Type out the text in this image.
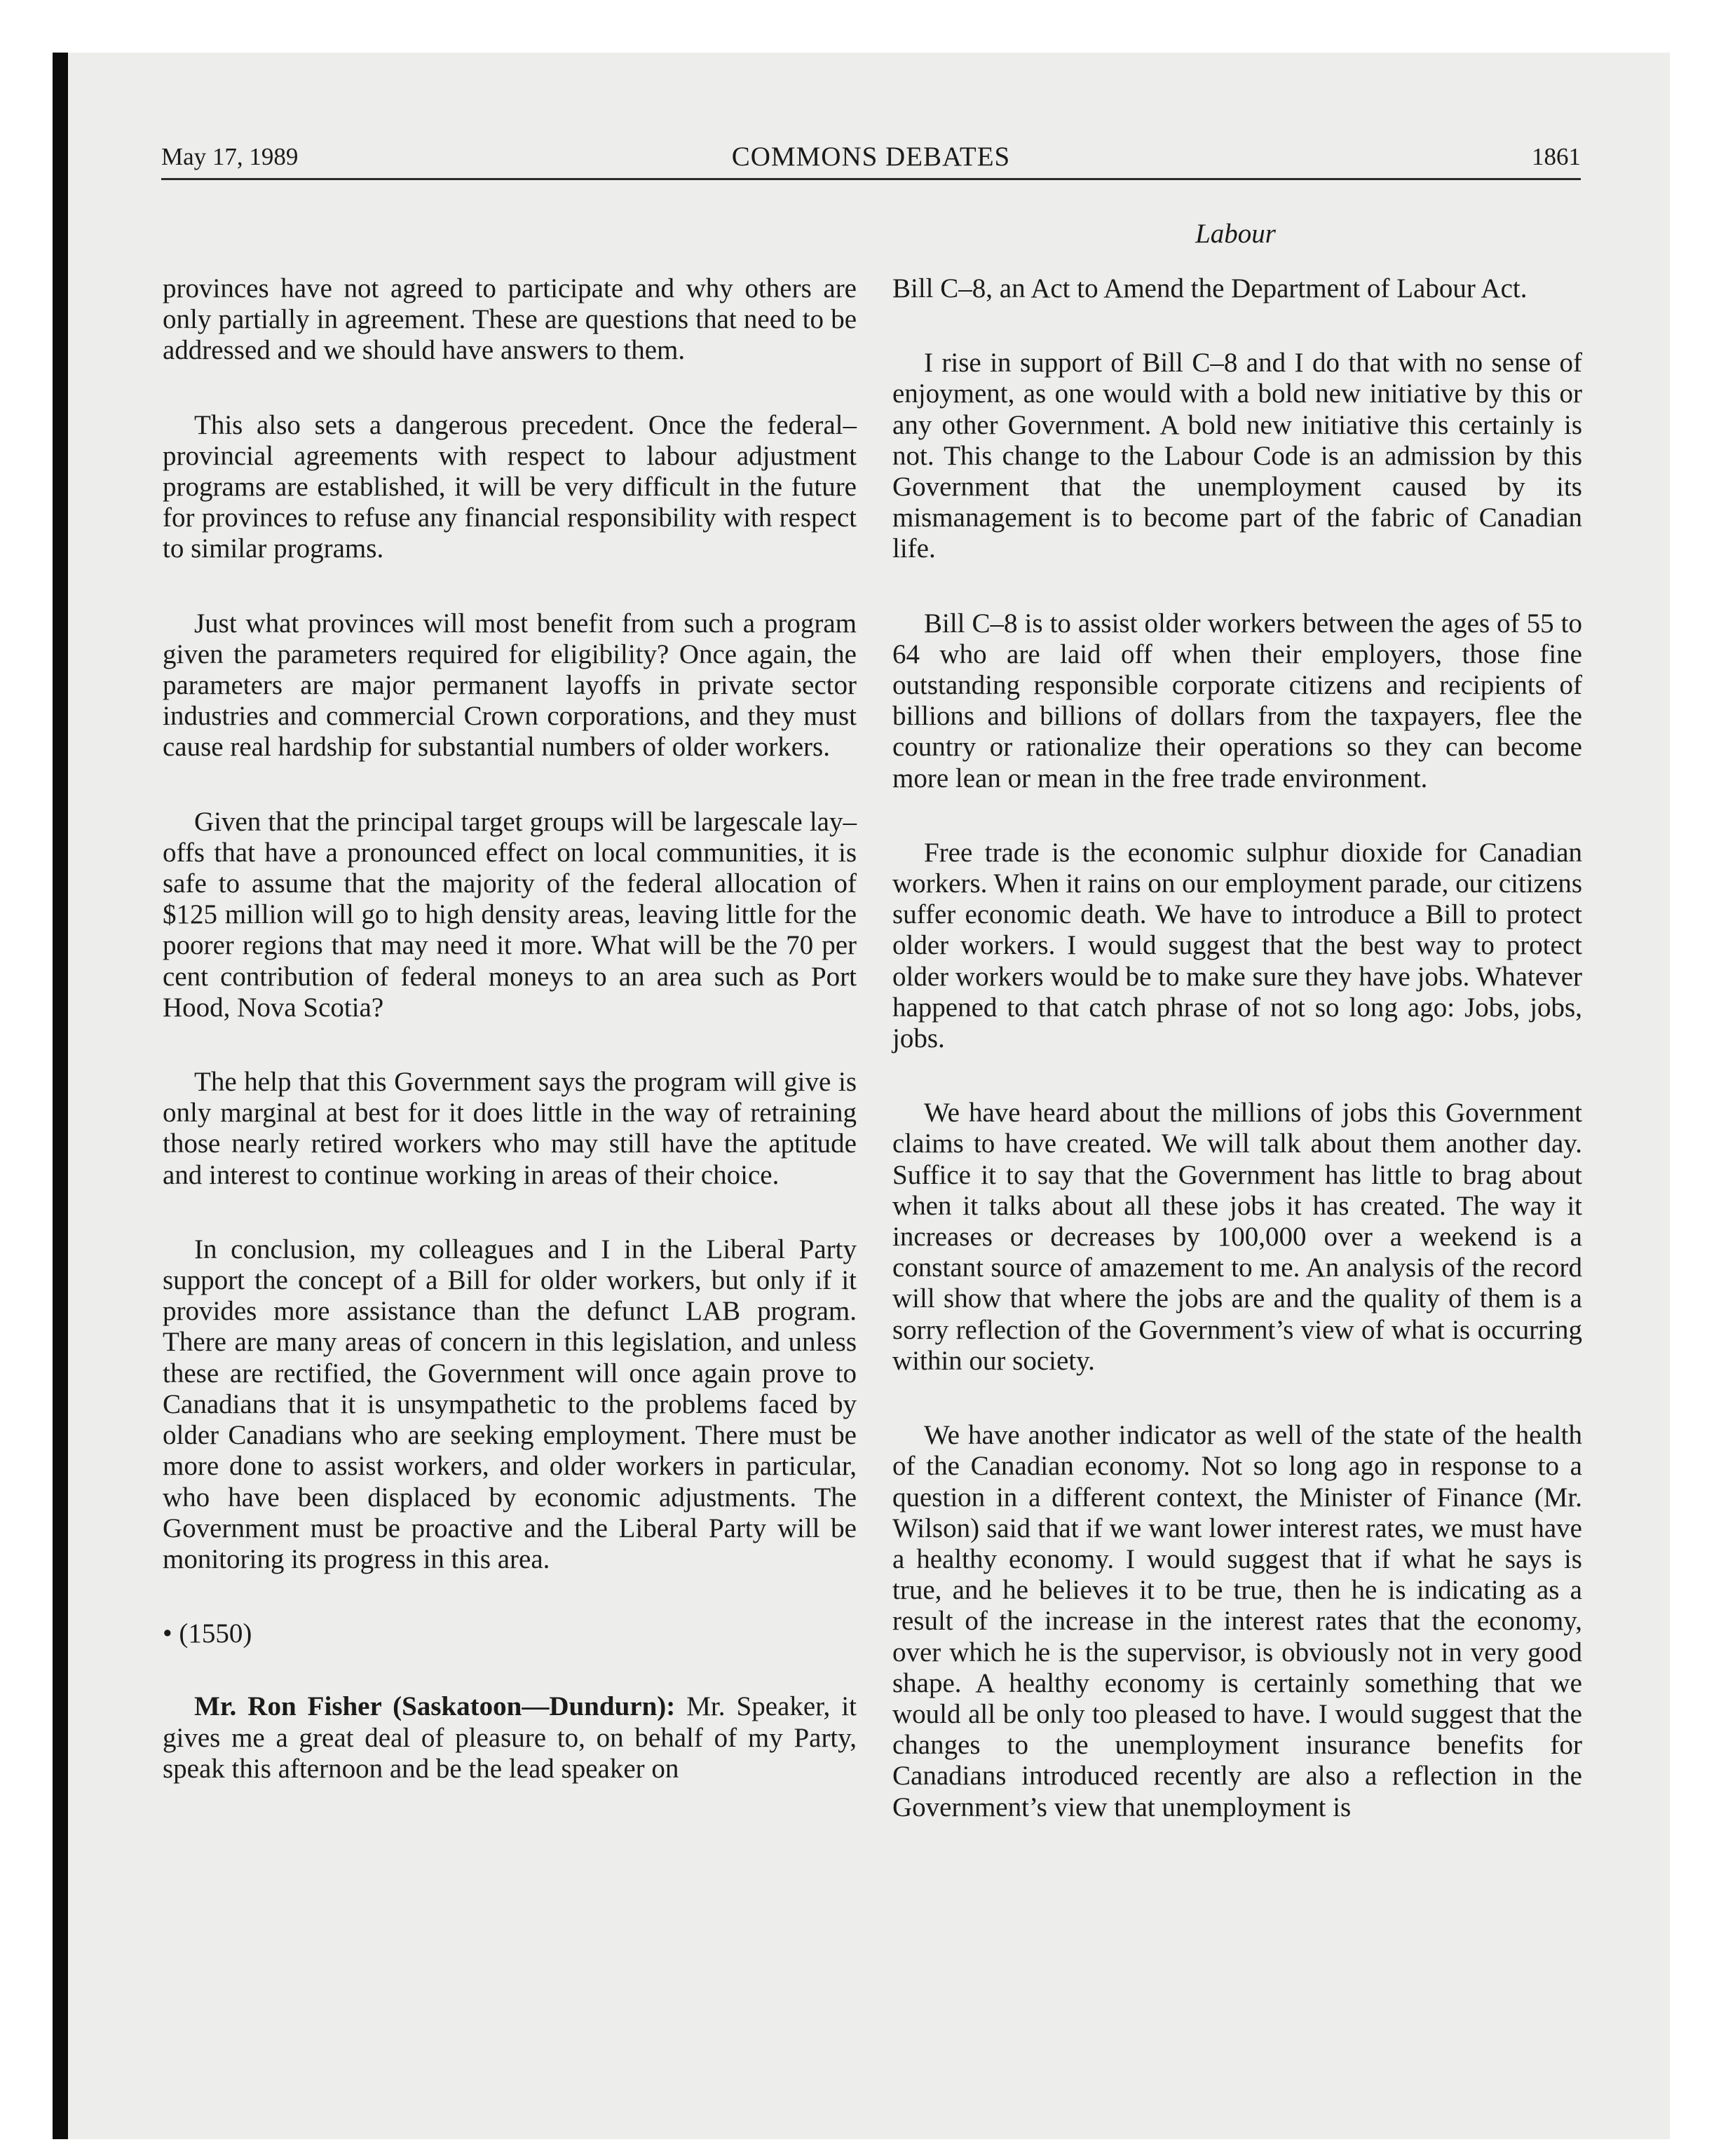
May 17, 1989	COMMONS DEBATES	1861
Labour

provinces have not agreed to participate and why others are only partially in agreement. These are questions that need to be addressed and we should have answers to them.

This also sets a dangerous precedent. Once the federal–provincial agreements with respect to labour adjustment programs are established, it will be very difficult in the future for provinces to refuse any financial responsibility with respect to similar programs.

Just what provinces will most benefit from such a program given the parameters required for eligibility? Once again, the parameters are major permanent layoffs in private sector industries and commercial Crown corporations, and they must cause real hardship for substantial numbers of older workers.

Given that the principal target groups will be largescale lay–offs that have a pronounced effect on local communities, it is safe to assume that the majority of the federal allocation of $125 million will go to high density areas, leaving little for the poorer regions that may need it more. What will be the 70 per cent contribution of federal moneys to an area such as Port Hood, Nova Scotia?

The help that this Government says the program will give is only marginal at best for it does little in the way of retraining those nearly retired workers who may still have the aptitude and interest to continue working in areas of their choice.

In conclusion, my colleagues and I in the Liberal Party support the concept of a Bill for older workers, but only if it provides more assistance than the defunct LAB program. There are many areas of concern in this legislation, and unless these are rectified, the Government will once again prove to Canadians that it is unsympathetic to the problems faced by older Canadians who are seeking employment. There must be more done to assist workers, and older workers in particular, who have been displaced by economic adjustments. The Government must be proactive and the Liberal Party will be monitoring its progress in this area.

• (1550)

Mr. Ron Fisher (Saskatoon—Dundurn): Mr. Speaker, it gives me a great deal of pleasure to, on behalf of my Party, speak this afternoon and be the lead speaker on

Bill C–8, an Act to Amend the Department of Labour Act.

I rise in support of Bill C–8 and I do that with no sense of enjoyment, as one would with a bold new initiative by this or any other Government. A bold new initiative this certainly is not. This change to the Labour Code is an admission by this Government that the unemployment caused by its mismanagement is to become part of the fabric of Canadian life.

Bill C–8 is to assist older workers between the ages of 55 to 64 who are laid off when their employers, those fine outstanding responsible corporate citizens and recipients of billions and billions of dollars from the taxpayers, flee the country or rationalize their operations so they can become more lean or mean in the free trade environment.

Free trade is the economic sulphur dioxide for Canadian workers. When it rains on our employment parade, our citizens suffer economic death. We have to introduce a Bill to protect older workers. I would suggest that the best way to protect older workers would be to make sure they have jobs. Whatever happened to that catch phrase of not so long ago: Jobs, jobs, jobs.

We have heard about the millions of jobs this Government claims to have created. We will talk about them another day. Suffice it to say that the Government has little to brag about when it talks about all these jobs it has created. The way it increases or decreases by 100,000 over a weekend is a constant source of amazement to me. An analysis of the record will show that where the jobs are and the quality of them is a sorry reflection of the Government’s view of what is occurring within our society.

We have another indicator as well of the state of the health of the Canadian economy. Not so long ago in response to a question in a different context, the Minister of Finance (Mr. Wilson) said that if we want lower interest rates, we must have a healthy economy. I would suggest that if what he says is true, and he believes it to be true, then he is indicating as a result of the increase in the interest rates that the economy, over which he is the supervisor, is obviously not in very good shape. A healthy economy is certainly something that we would all be only too pleased to have. I would suggest that the changes to the unemployment insurance benefits for Canadians introduced recently are also a reflection in the Government’s view that unemployment is
